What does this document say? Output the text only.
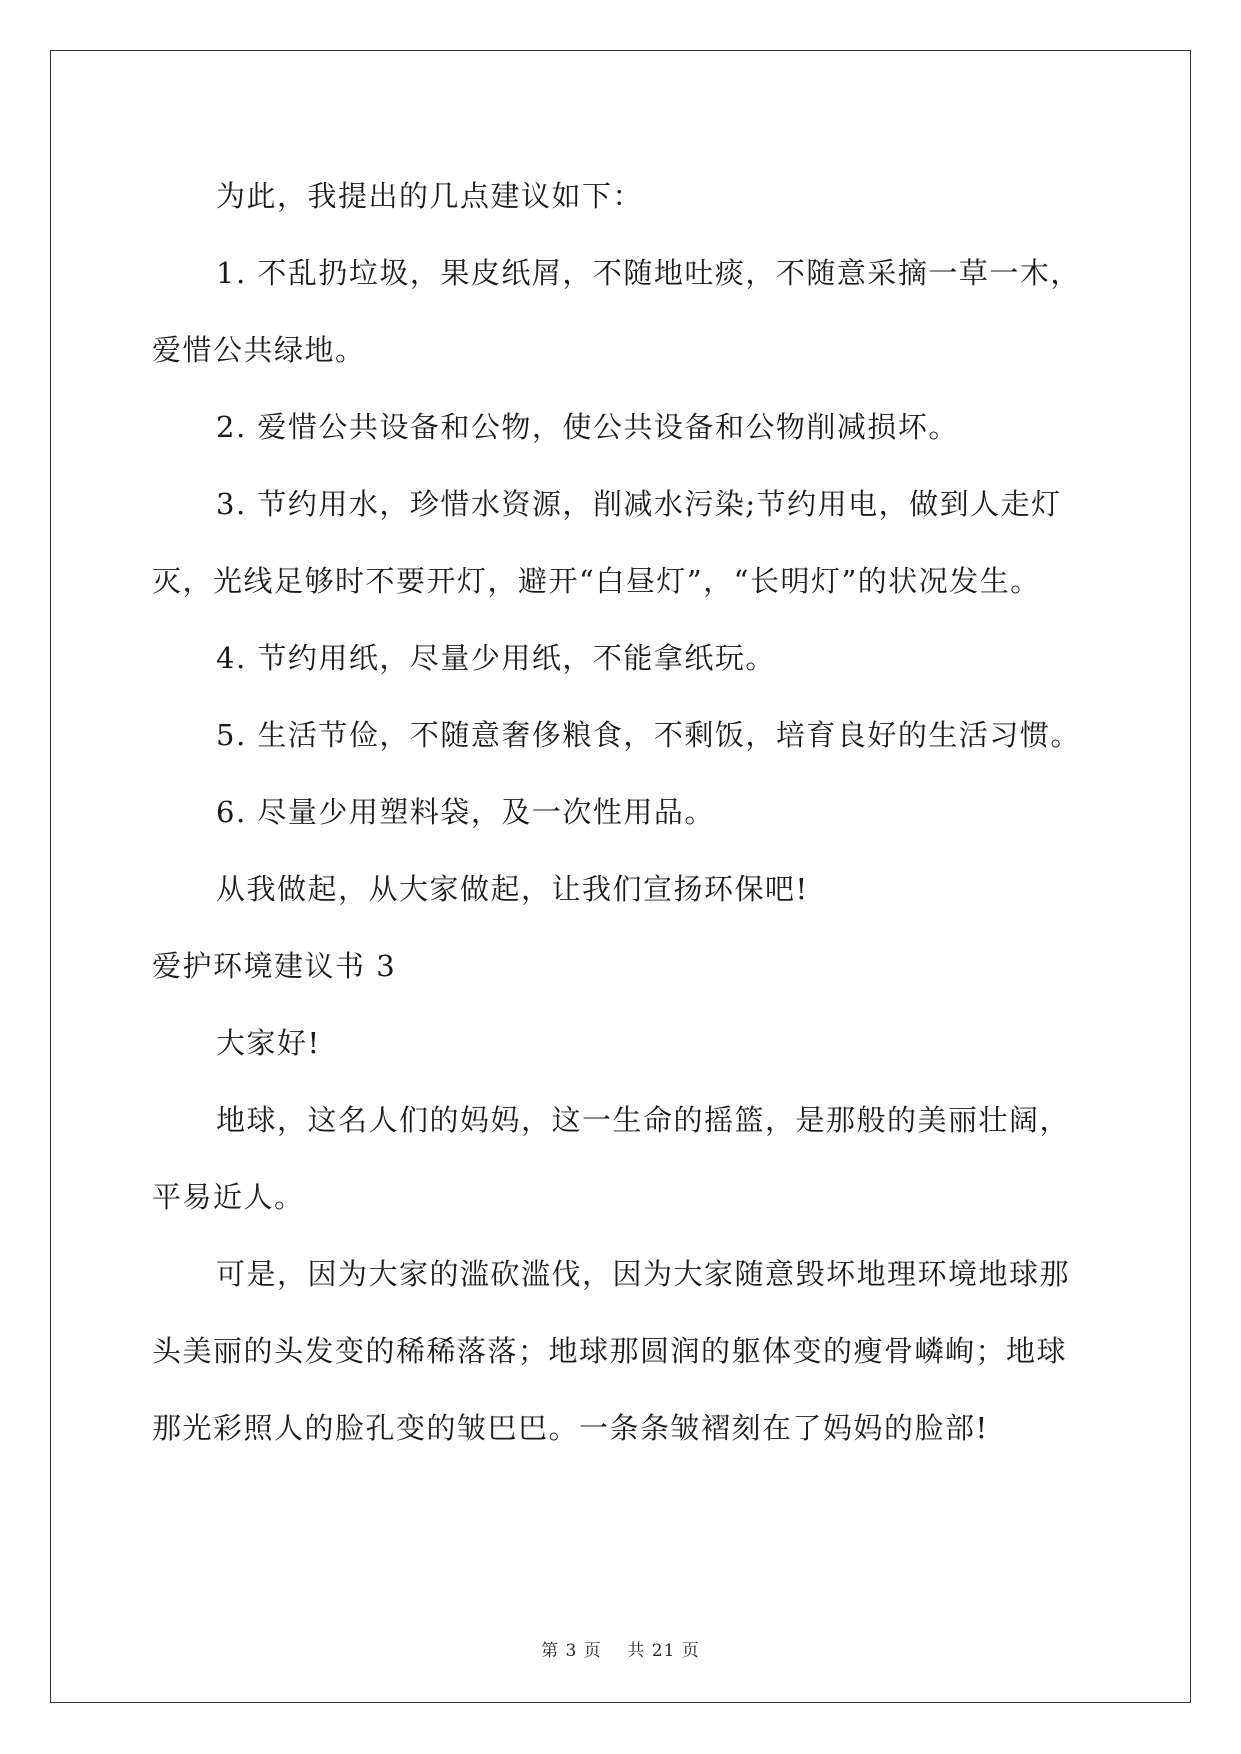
为此，我提出的几点建议如下：

1. 不乱扔垃圾，果皮纸屑，不随地吐痰，不随意采摘一草一木，

爱惜公共绿地。

2. 爱惜公共设备和公物，使公共设备和公物削减损坏。

3. 节约用水，珍惜水资源，削减水污染;节约用电，做到人走灯

灭，光线足够时不要开灯，避开“白昼灯”，“长明灯”的状况发生。

4. 节约用纸，尽量少用纸，不能拿纸玩。

5. 生活节俭，不随意奢侈粮食，不剩饭，培育良好的生活习惯。

6. 尽量少用塑料袋，及一次性用品。

从我做起，从大家做起，让我们宣扬环保吧!

爱护环境建议书 3

大家好!

地球，这名人们的妈妈，这一生命的摇篮，是那般的美丽壮阔，

平易近人。

可是，因为大家的滥砍滥伐，因为大家随意毁坏地理环境地球那

头美丽的头发变的稀稀落落；地球那圆润的躯体变的瘦骨嶙峋；地球

那光彩照人的脸孔变的皱巴巴。一条条皱褶刻在了妈妈的脸部!

第 3 页 共 21 页
